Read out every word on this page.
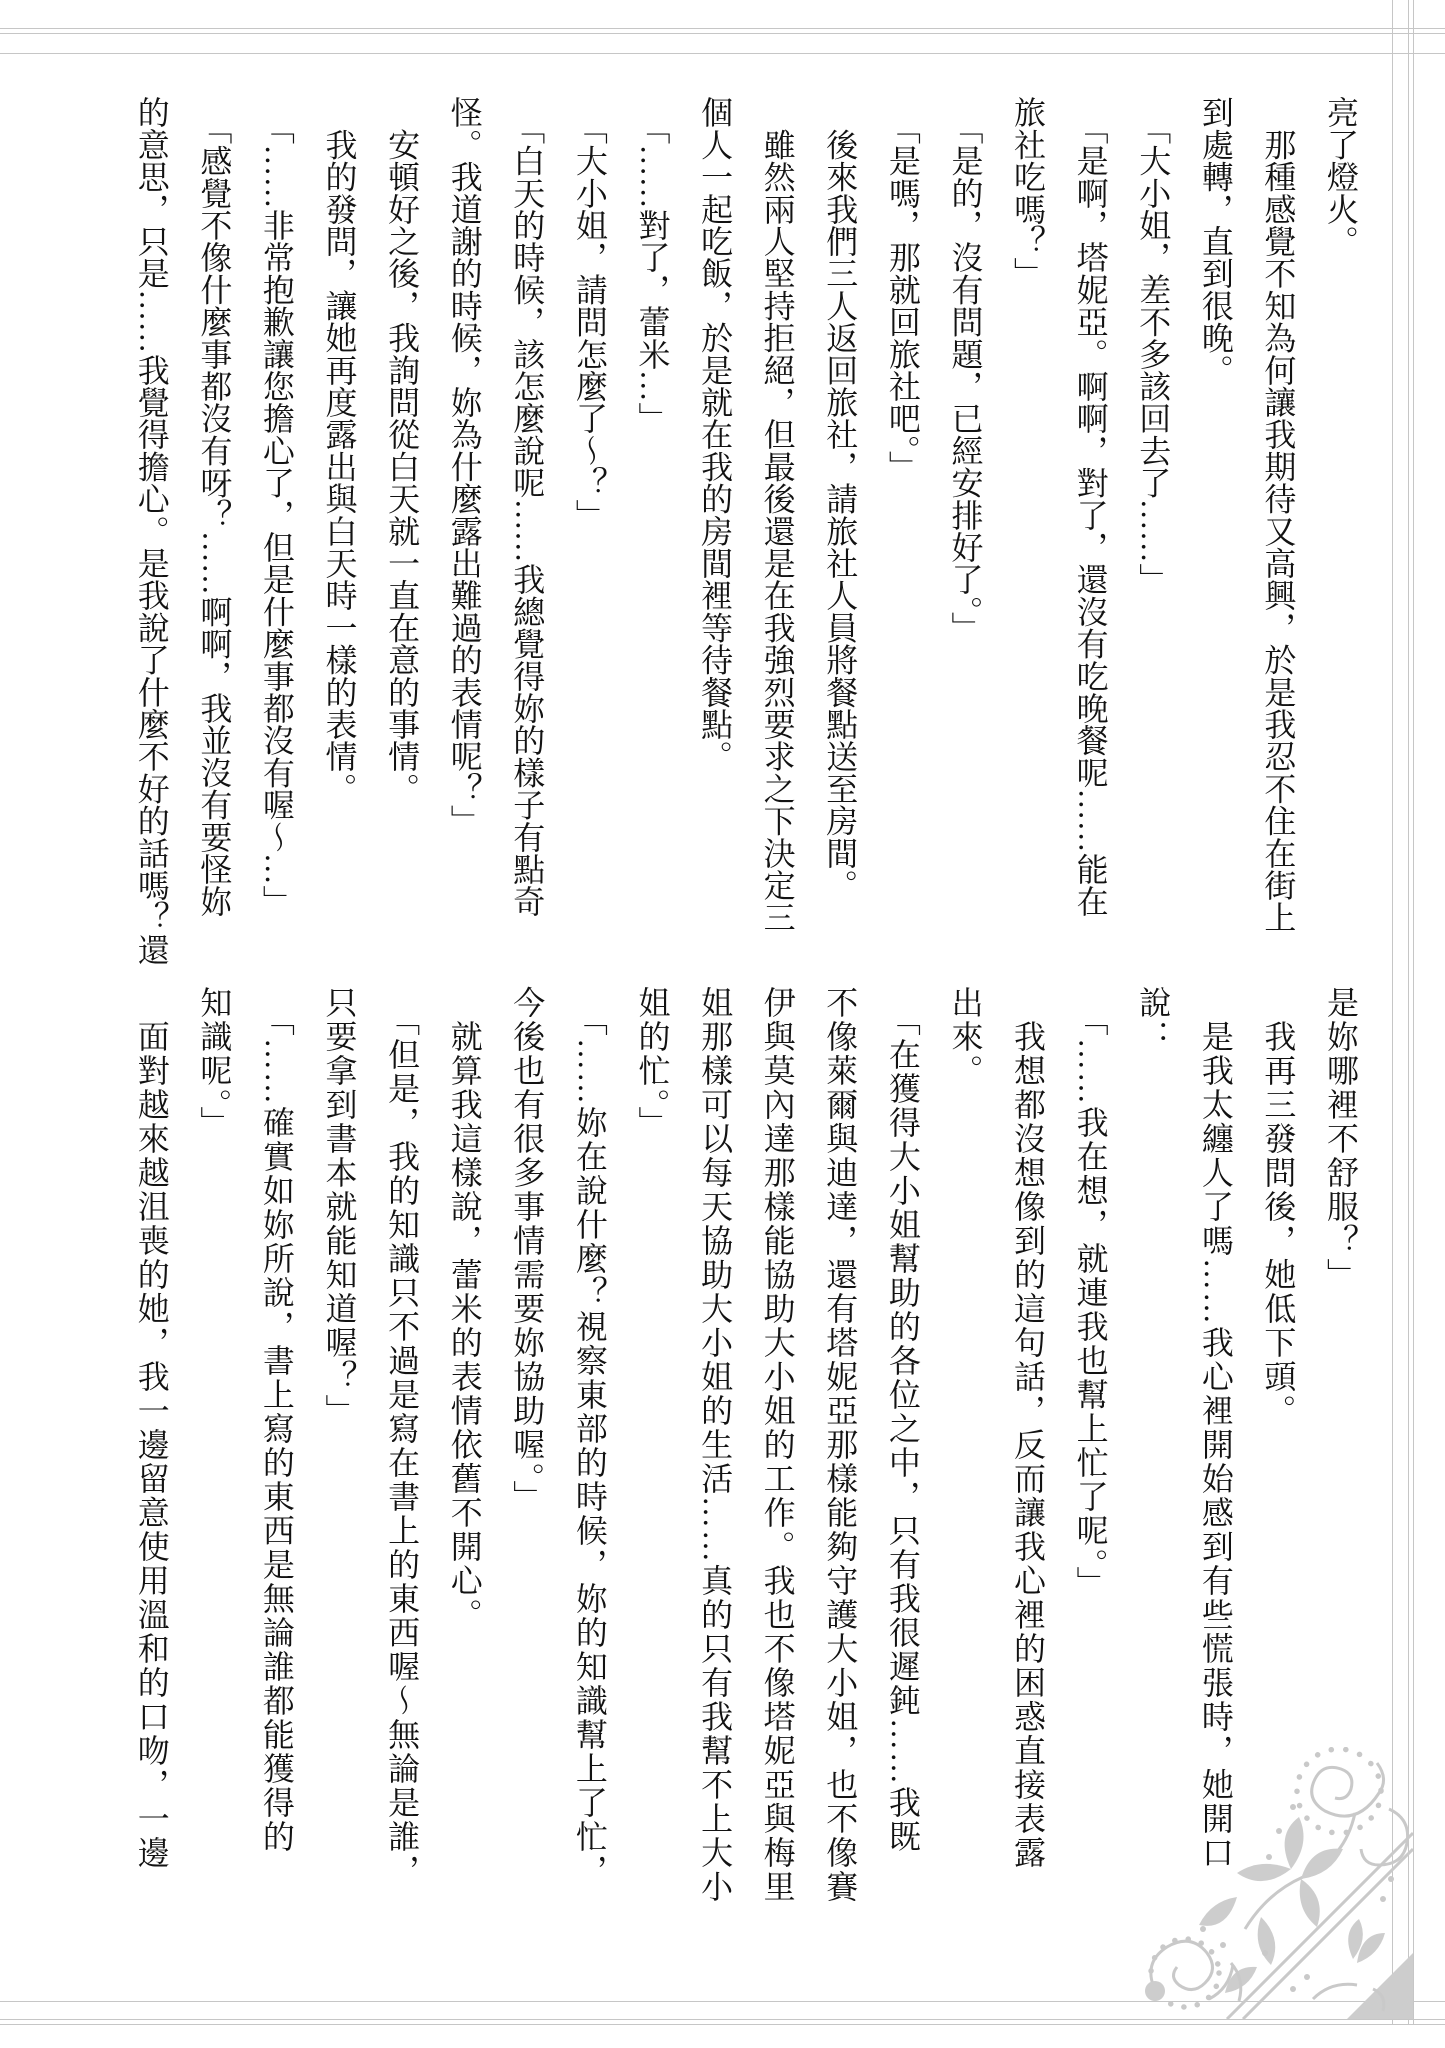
亮了燈火。

　那種感覺不知為何讓我期待又高興，於是我忍不住在街上

到處轉，直到很晚。

　「大小姐，差不多該回去了……」

　「是啊，塔妮亞。啊啊，對了，還沒有吃晚餐呢……能在

旅社吃嗎？」

　「是的，沒有問題，已經安排好了。」

　「是嗎，那就回旅社吧。」

　後來我們三人返回旅社，請旅社人員將餐點送至房間。

　雖然兩人堅持拒絕，但最後還是在我強烈要求之下決定三

個人一起吃飯，於是就在我的房間裡等待餐點。

　「……對了，蕾米…」

　「大小姐，請問怎麼了～？」

　「白天的時候，該怎麼說呢……我總覺得妳的樣子有點奇

怪。我道謝的時候，妳為什麼露出難過的表情呢？」

　安頓好之後，我詢問從白天就一直在意的事情。

　我的發問，讓她再度露出與白天時一樣的表情。

　「……非常抱歉讓您擔心了，但是什麼事都沒有喔～…」

　「感覺不像什麼事都沒有呀？……啊啊，我並沒有要怪妳

的意思，只是……我覺得擔心。是我說了什麼不好的話嗎？還

是妳哪裡不舒服？」

　我再三發問後，她低下頭。

　是我太纏人了嗎……我心裡開始感到有些慌張時，她開口

說：

　「……我在想，就連我也幫上忙了呢。」

　我想都沒想像到的這句話，反而讓我心裡的困惑直接表露

出來。

　「在獲得大小姐幫助的各位之中，只有我很遲鈍……我既

不像萊爾與迪達，還有塔妮亞那樣能夠守護大小姐，也不像賽

伊與莫內達那樣能協助大小姐的工作。我也不像塔妮亞與梅里

姐那樣可以每天協助大小姐的生活……真的只有我幫不上大小

姐的忙。」

　「……妳在說什麼？視察東部的時候，妳的知識幫上了忙，

今後也有很多事情需要妳協助喔。」

　就算我這樣說，蕾米的表情依舊不開心。

　「但是，我的知識只不過是寫在書上的東西喔～無論是誰，

只要拿到書本就能知道喔？」

　「……確實如妳所說，書上寫的東西是無論誰都能獲得的

知識呢。」

　面對越來越沮喪的她，我一邊留意使用溫和的口吻，一邊
